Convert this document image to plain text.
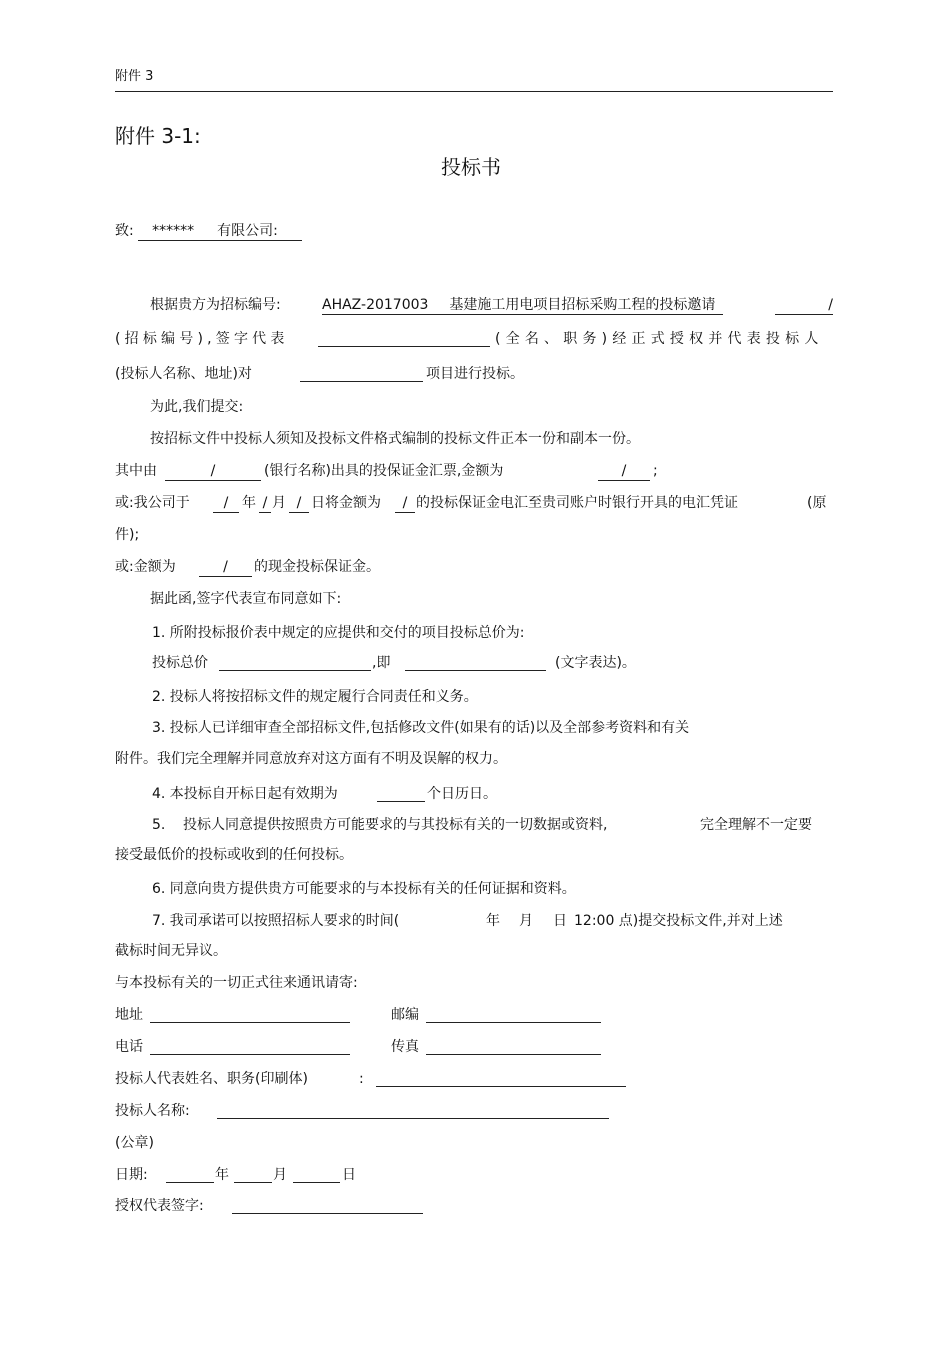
附件 3
附件 3-1:
投标书
致: ****** 有限公司:
根据贵方为招标编号:	AHAZ-2017003 基建施工用电项目招标采购工程的投标邀请	/
(招标编号),签字代表	(全名、职务)经正式授权并代表投标人
(投标人名称、地址)对	项目进行投标。
为此,我们提交:
按招标文件中投标人须知及投标文件格式编制的投标文件正本一份和副本一份。
其中由	/	(银行名称)出具的投保证金汇票,金额为	/	;
或:我公司于	/ 年 / 月 / 日将金额为	/ 的投标保证金电汇至贵司账户时银行开具的电汇凭证	(原
件);
或:金额为	/	的现金投标保证金。
据此函,签字代表宣布同意如下:
1. 所附投标报价表中规定的应提供和交付的项目投标总价为:
投标总价	,即	(文字表达)。
2. 投标人将按招标文件的规定履行合同责任和义务。
3. 投标人已详细审查全部招标文件,包括修改文件(如果有的话)以及全部参考资料和有关
附件。我们完全理解并同意放弃对这方面有不明及误解的权力。
4. 本投标自开标日起有效期为	个日历日。
5. 投标人同意提供按照贵方可能要求的与其投标有关的一切数据或资料,	完全理解不一定要
接受最低价的投标或收到的任何投标。
6. 同意向贵方提供贵方可能要求的与本投标有关的任何证据和资料。
7. 我司承诺可以按照招标人要求的时间(	年 月 日 12:00 点)提交投标文件,并对上述
截标时间无异议。
与本投标有关的一切正式往来通讯请寄:
地址	邮编
电话	传真
投标人代表姓名、职务(印刷体)	:
投标人名称:
(公章)
日期:	年	月	日
授权代表签字:
